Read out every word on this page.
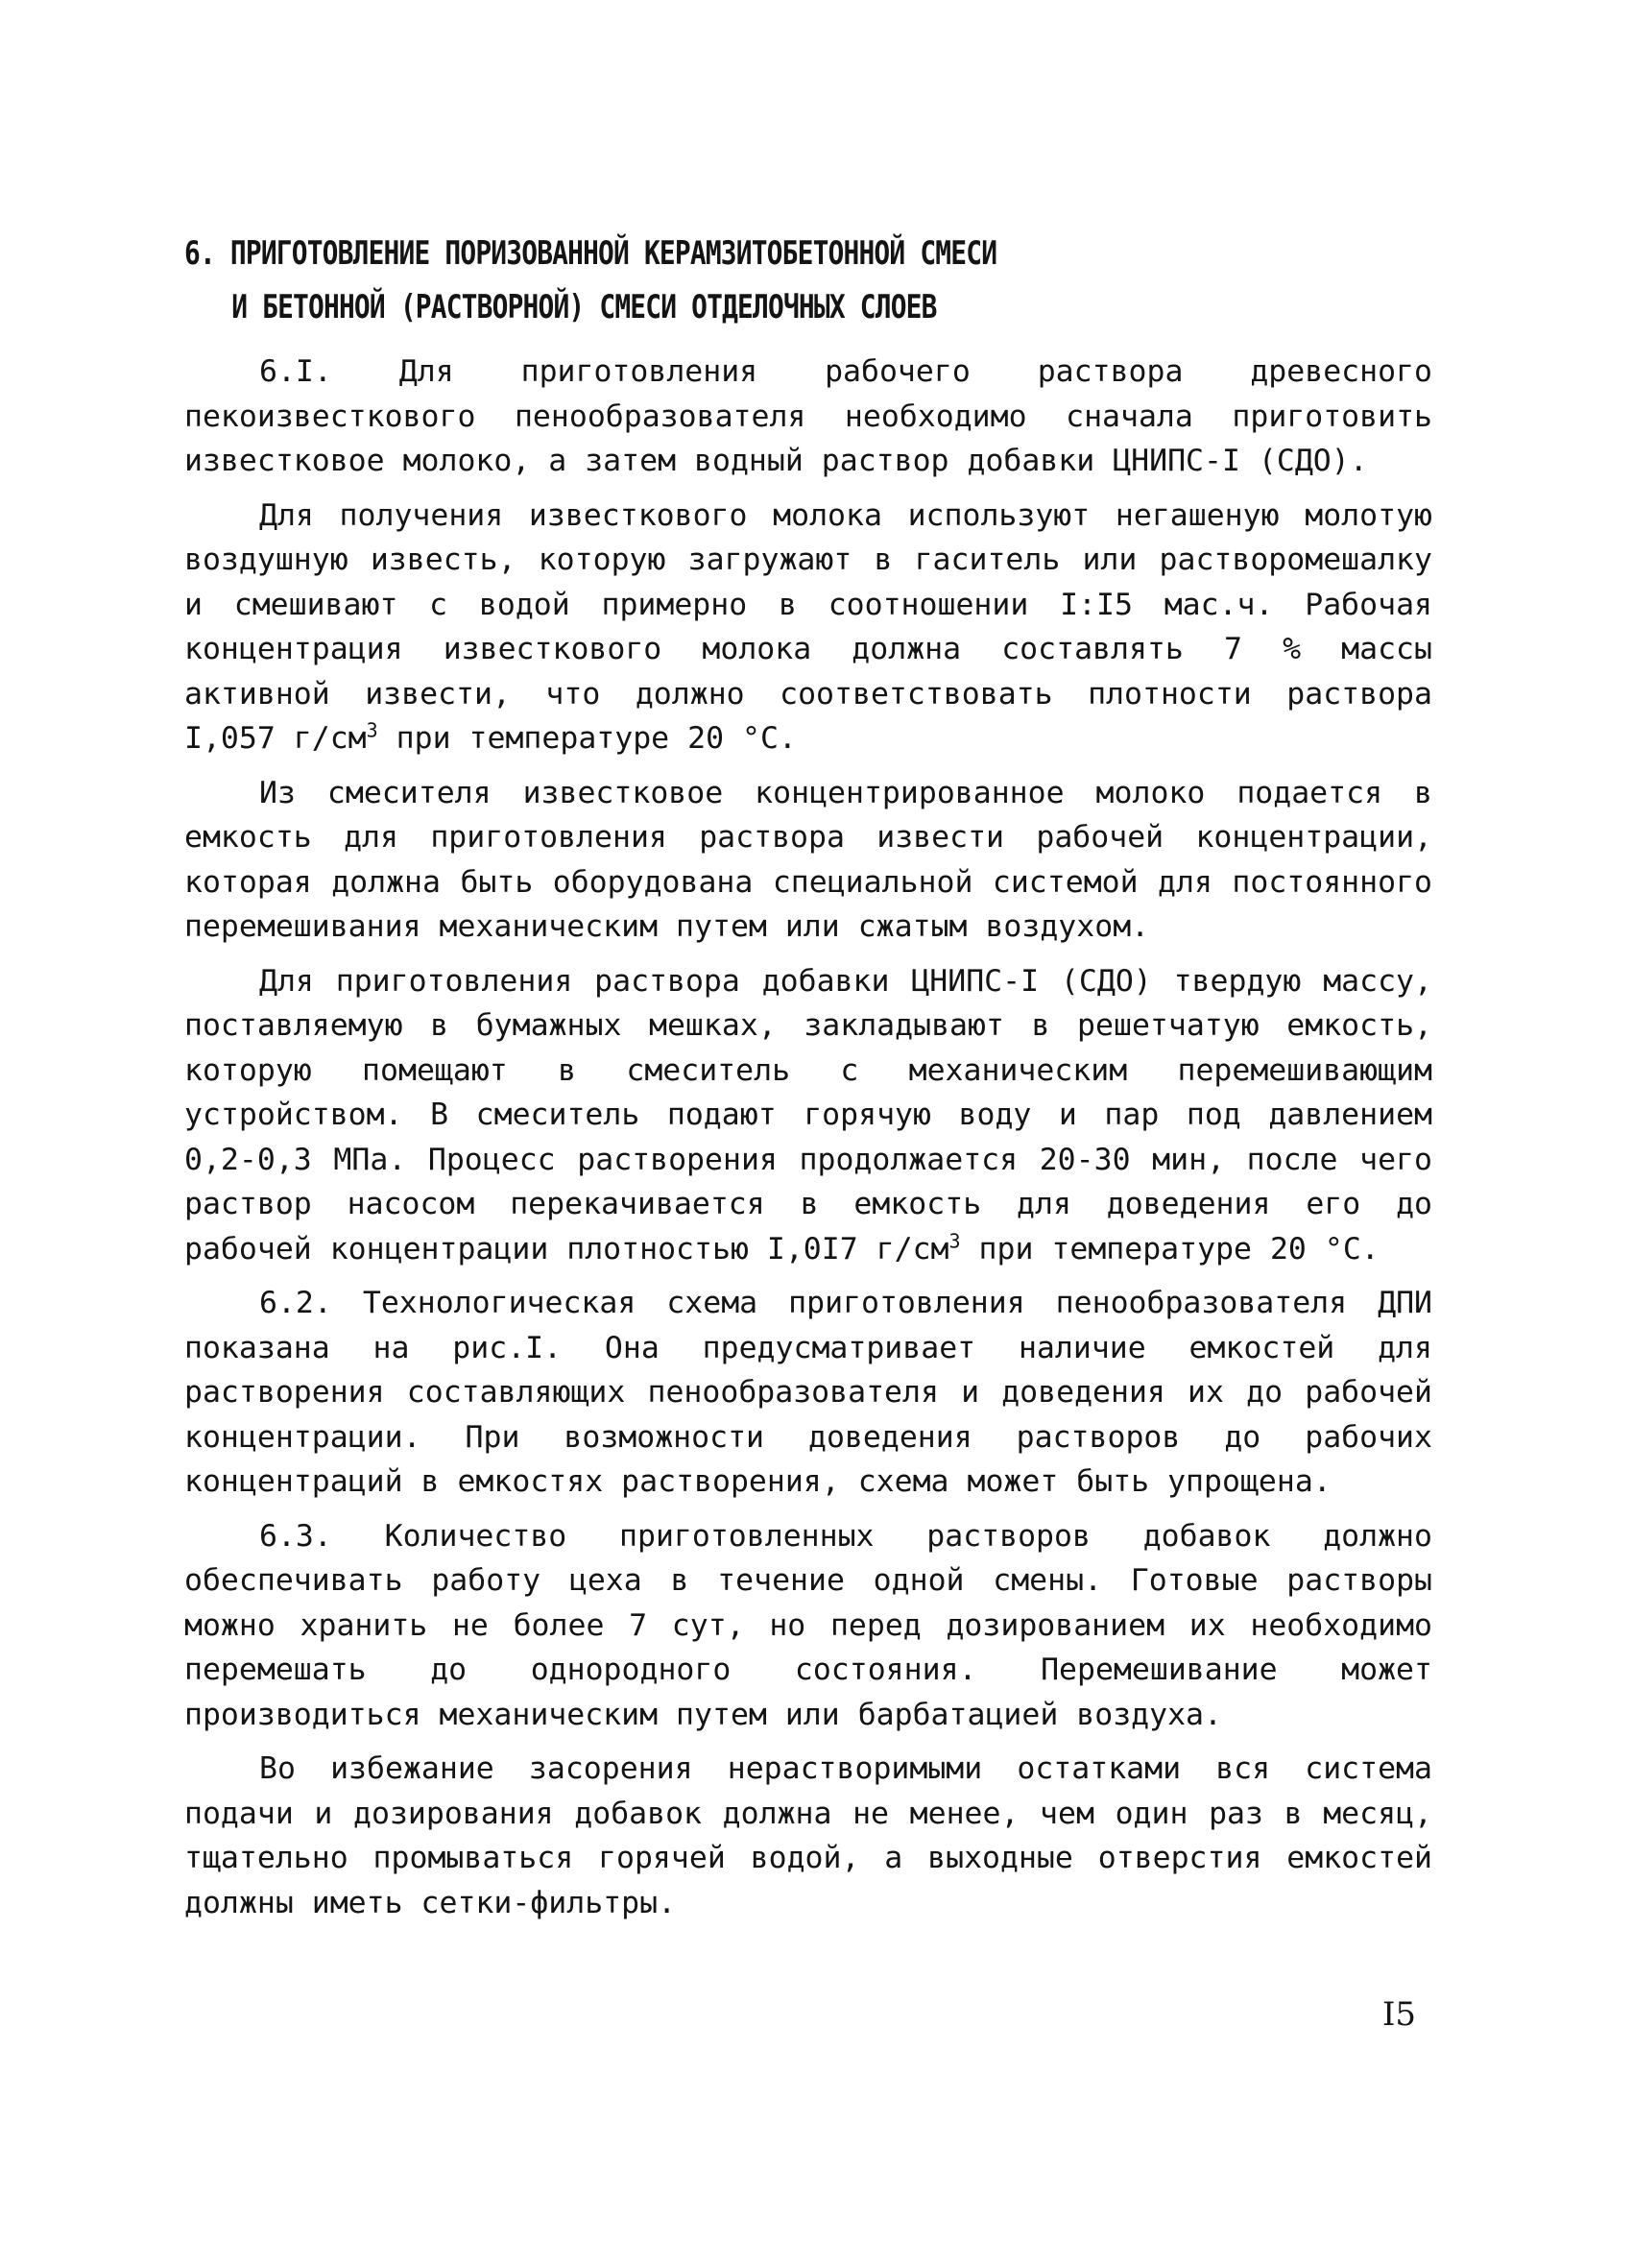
6. ПРИГОТОВЛЕНИЕ ПОРИЗОВАННОЙ КЕРАМЗИТОБЕТОННОЙ СМЕСИ
И БЕТОННОЙ (РАСТВОРНОЙ) СМЕСИ ОТДЕЛОЧНЫХ СЛОЕВ

6.I. Для приготовления рабочего раствора древесного пекоизвесткового пенообразователя необходимо сначала приготовить известковое молоко, а затем водный раствор добавки ЦНИПС-I (СДО).

Для получения известкового молока используют негашеную молотую воздушную известь, которую загружают в гаситель или растворомешалку и смешивают с водой примерно в соотношении I:I5 мас.ч. Рабочая концентрация известкового молока должна составлять 7 % массы активной извести, что должно соответствовать плотности раствора I,057 $г/см^3$ при температуре 20 °С.

Из смесителя известковое концентрированное молоко подается в емкость для приготовления раствора извести рабочей концентрации, которая должна быть оборудована специальной системой для постоянного перемешивания механическим путем или сжатым воздухом.

Для приготовления раствора добавки ЦНИПС-I (СДО) твердую массу, поставляемую в бумажных мешках, закладывают в решетчатую емкость, которую помещают в смеситель с механическим перемешивающим устройством. В смеситель подают горячую воду и пар под давлением 0,2-0,3 МПа. Процесс растворения продолжается 20-30 мин, после чего раствор насосом перекачивается в емкость для доведения его до рабочей концентрации плотностью I,0I7 $г/см^3$ при температуре 20 °С.

6.2. Технологическая схема приготовления пенообразователя ДПИ показана на рис.I. Она предусматривает наличие емкостей для растворения составляющих пенообразователя и доведения их до рабочей концентрации. При возможности доведения растворов до рабочих концентраций в емкостях растворения, схема может быть упрощена.

6.3. Количество приготовленных растворов добавок должно обеспечивать работу цеха в течение одной смены. Готовые растворы можно хранить не более 7 сут, но перед дозированием их необходимо перемешать до однородного состояния. Перемешивание может производиться механическим путем или барбатацией воздуха.

Во избежание засорения нерастворимыми остатками вся система подачи и дозирования добавок должна не менее, чем один раз в месяц, тщательно промываться горячей водой, а выходные отверстия емкостей должны иметь сетки-фильтры.

I5
